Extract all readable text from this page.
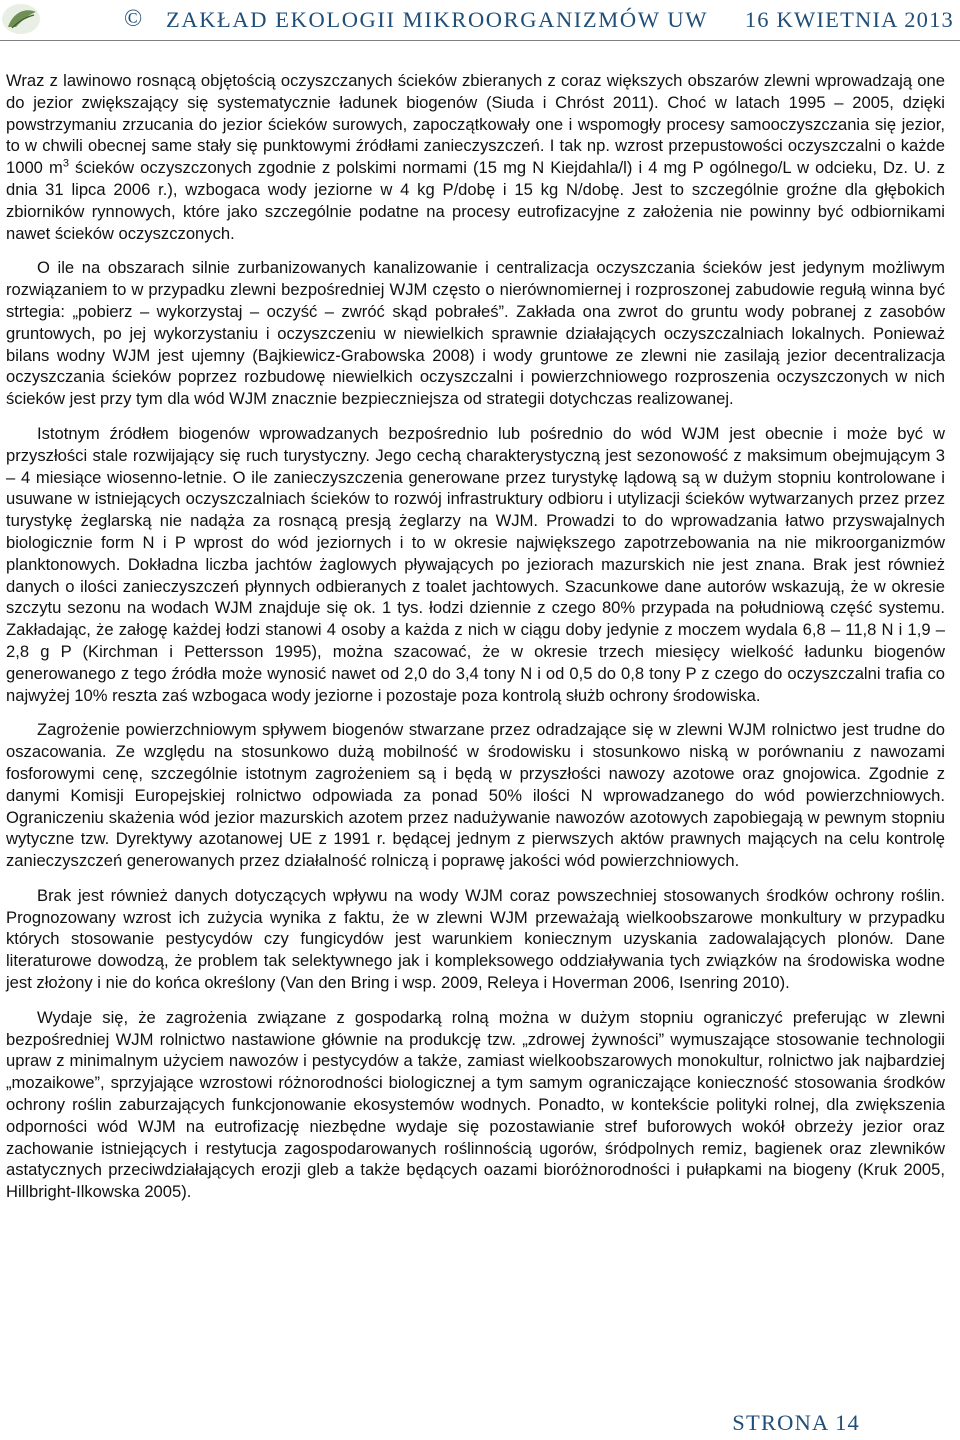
© ZAKŁAD EKOLOGII MIKROORGANIZMÓW UW 16 KWIETNIA 2013

Wraz z lawinowo rosnącą objętością oczyszczanych ścieków zbieranych z coraz większych obszarów zlewni wprowadzają one do jezior zwiększający się systematycznie ładunek biogenów (Siuda i Chróst 2011). Choć w latach 1995 – 2005, dzięki powstrzymaniu zrzucania do jezior ścieków surowych, zapoczątkowały one i wspomogły procesy samooczyszczania się jezior, to w chwili obecnej same stały się punktowymi źródłami zanieczyszczeń. I tak np. wzrost przepustowości oczyszczalni o każde 1000 $m^3$ ścieków oczyszczonych zgodnie z polskimi normami (15 mg N Kiejdahla/l) i 4 mg P ogólnego/L w odcieku, Dz. U. z dnia 31 lipca 2006 r.), wzbogaca wody jeziorne w 4 kg P/dobę i 15 kg N/dobę. Jest to szczególnie groźne dla głębokich zbiorników rynnowych, które jako szczególnie podatne na procesy eutrofizacyjne z założenia nie powinny być odbiornikami nawet ścieków oczyszczonych.

O ile na obszarach silnie zurbanizowanych kanalizowanie i centralizacja oczyszczania ścieków jest jedynym możliwym rozwiązaniem to w przypadku zlewni bezpośredniej WJM często o nierównomiernej i rozproszonej zabudowie regułą winna być strtegia: „pobierz – wykorzystaj – oczyść – zwróć skąd pobrałeś”. Zakłada ona zwrot do gruntu wody pobranej z zasobów gruntowych, po jej wykorzystaniu i oczyszczeniu w niewielkich sprawnie działających oczyszczalniach lokalnych. Ponieważ bilans wodny WJM jest ujemny (Bajkiewicz-Grabowska 2008) i wody gruntowe ze zlewni nie zasilają jezior decentralizacja oczyszczania ścieków poprzez rozbudowę niewielkich oczyszczalni i powierzchniowego rozproszenia oczyszczonych w nich ścieków jest przy tym dla wód WJM znacznie bezpieczniejsza od strategii dotychczas realizowanej.

Istotnym źródłem biogenów wprowadzanych bezpośrednio lub pośrednio do wód WJM jest obecnie i może być w przyszłości stale rozwijający się ruch turystyczny. Jego cechą charakterystyczną jest sezonowość z maksimum obejmującym 3 – 4 miesiące wiosenno-letnie. O ile zanieczyszczenia generowane przez turystykę lądową są w dużym stopniu kontrolowane i usuwane w istniejących oczyszczalniach ścieków to rozwój infrastruktury odbioru i utylizacji ścieków wytwarzanych przez przez turystykę żeglarską nie nadąża za rosnącą presją żeglarzy na WJM. Prowadzi to do wprowadzania łatwo przyswajalnych biologicznie form N i P wprost do wód jeziornych i to w okresie największego zapotrzebowania na nie mikroorganizmów planktonowych. Dokładna liczba jachtów żaglowych pływających po jeziorach mazurskich nie jest znana. Brak jest również danych o ilości zanieczyszczeń płynnych odbieranych z toalet jachtowych. Szacunkowe dane autorów wskazują, że w okresie szczytu sezonu na wodach WJM znajduje się ok. 1 tys. łodzi dziennie z czego 80% przypada na południową część systemu. Zakładając, że załogę każdej łodzi stanowi 4 osoby a każda z nich w ciągu doby jedynie z moczem wydala 6,8 – 11,8 N i 1,9 – 2,8 g P (Kirchman i Pettersson 1995), można szacować, że w okresie trzech miesięcy wielkość ładunku biogenów generowanego z tego źródła może wynosić nawet od 2,0 do 3,4 tony N i od 0,5 do 0,8 tony P z czego do oczyszczalni trafia co najwyżej 10% reszta zaś wzbogaca wody jeziorne i pozostaje poza kontrolą służb ochrony środowiska.

Zagrożenie powierzchniowym spływem biogenów stwarzane przez odradzające się w zlewni WJM rolnictwo jest trudne do oszacowania. Ze względu na stosunkowo dużą mobilność w środowisku i stosunkowo niską w porównaniu z nawozami fosforowymi cenę, szczególnie istotnym zagrożeniem są i będą w przyszłości nawozy azotowe oraz gnojowica. Zgodnie z danymi Komisji Europejskiej rolnictwo odpowiada za ponad 50% ilości N wprowadzanego do wód powierzchniowych. Ograniczeniu skażenia wód jezior mazurskich azotem przez nadużywanie nawozów azotowych zapobiegają w pewnym stopniu wytyczne tzw. Dyrektywy azotanowej UE z 1991 r. będącej jednym z pierwszych aktów prawnych mających na celu kontrolę zanieczyszczeń generowanych przez działalność rolniczą i poprawę jakości wód powierzchniowych.

Brak jest również danych dotyczących wpływu na wody WJM coraz powszechniej stosowanych środków ochrony roślin. Prognozowany wzrost ich zużycia wynika z faktu, że w zlewni WJM przeważają wielkoobszarowe monkultury w przypadku których stosowanie pestycydów czy fungicydów jest warunkiem koniecznym uzyskania zadowalających plonów. Dane literaturowe dowodzą, że problem tak selektywnego jak i kompleksowego oddziaływania tych związków na środowiska wodne jest złożony i nie do końca określony (Van den Bring i wsp. 2009, Releya i Hoverman 2006, Isenring 2010).

Wydaje się, że zagrożenia związane z gospodarką rolną można w dużym stopniu ograniczyć preferując w zlewni bezpośredniej WJM rolnictwo nastawione głównie na produkcję tzw. „zdrowej żywności” wymuszające stosowanie technologii upraw z minimalnym użyciem nawozów i pestycydów a także, zamiast wielkoobszarowych monokultur, rolnictwo jak najbardziej „mozaikowe”, sprzyjające wzrostowi różnorodności biologicznej a tym samym ograniczające konieczność stosowania środków ochrony roślin zaburzających funkcjonowanie ekosystemów wodnych. Ponadto, w kontekście polityki rolnej, dla zwiększenia odporności wód WJM na eutrofizację niezbędne wydaje się pozostawianie stref buforowych wokół obrzeży jezior oraz zachowanie istniejących i restytucja zagospodarowanych roślinnością ugorów, śródpolnych remiz, bagienek oraz zlewników astatycznych przeciwdziałających erozji gleb a także będących oazami bioróżnorodności i pułapkami na biogeny (Kruk 2005, Hillbright-Ilkowska 2005).

STRONA 14
